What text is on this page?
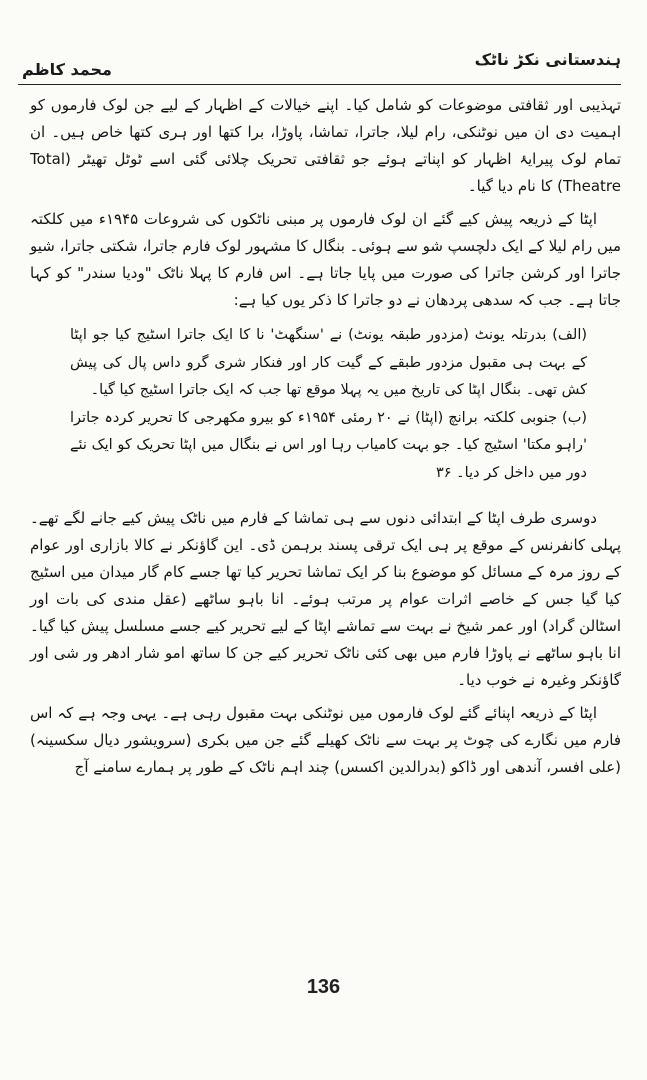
ہندستانی نکڑ ناٹک
محمد کاظم

تہذیبی اور ثقافتی موضوعات کو شامل کیا۔ اپنے خیالات کے اظہار کے لیے جن لوک فارموں کو اہمیت دی ان میں نوٹنکی، رام لیلا، جاترا، تماشا، پاوڑا، برا کتھا اور ہری کتھا خاص ہیں۔ ان تمام لوک پیرایۂ اظہار کو اپناتے ہوئے جو ثقافتی تحریک چلائی گئی اسے ٹوٹل تھیٹر (Total Theatre) کا نام دیا گیا۔

اپٹا کے ذریعہ پیش کیے گئے ان لوک فارموں پر مبنی ناٹکوں کی شروعات ۱۹۴۵ء میں کلکتہ میں رام لیلا کے ایک دلچسپ شو سے ہوئی۔ بنگال کا مشہور لوک فارم جاترا، شکتی جاترا، شیو جاترا اور کرشن جاترا کی صورت میں پایا جاتا ہے۔ اس فارم کا پہلا ناٹک "ودیا سندر" کو کہا جاتا ہے۔ جب کہ سدھی پردھان نے دو جاترا کا ذکر یوں کیا ہے:

(الف) بدرتلہ یونٹ (مزدور طبقہ یونٹ) نے 'سنگھٹ' نا کا ایک جاترا اسٹیج کیا جو اپٹا کے بہت ہی مقبول مزدور طبقے کے گیت کار اور فنکار شری گرو داس پال کی پیش کش تھی۔ بنگال اپٹا کی تاریخ میں یہ پہلا موقع تھا جب کہ ایک جاترا اسٹیج کیا گیا۔

(ب) جنوبی کلکتہ برانچ (اپٹا) نے ۲۰ رمئی ۱۹۵۴ء کو بیرو مکھرجی کا تحریر کردہ جاترا 'راہو مکتا' اسٹیج کیا۔ جو بہت کامیاب رہا اور اس نے بنگال میں اپٹا تحریک کو ایک نئے دور میں داخل کر دیا۔ ۳۶

دوسری طرف اپٹا کے ابتدائی دنوں سے ہی تماشا کے فارم میں ناٹک پیش کیے جانے لگے تھے۔ پہلی کانفرنس کے موقع پر ہی ایک ترقی پسند برہمن ڈی۔ این گاؤنکر نے کالا بازاری اور عوام کے روز مرہ کے مسائل کو موضوع بنا کر ایک تماشا تحریر کیا تھا جسے کام گار میدان میں اسٹیج کیا گیا جس کے خاصے اثرات عوام پر مرتب ہوئے۔ انا باہو ساٹھے (عقل مندی کی بات اور اسٹالن گراد) اور عمر شیخ نے بہت سے تماشے اپٹا کے لیے تحریر کیے جسے مسلسل پیش کیا گیا۔ انا باہو ساٹھے نے پاوڑا فارم میں بھی کئی ناٹک تحریر کیے جن کا ساتھ امو شار ادھر ور شی اور گاؤنکر وغیرہ نے خوب دیا۔

اپٹا کے ذریعہ اپنائے گئے لوک فارموں میں نوٹنکی بہت مقبول رہی ہے۔ یہی وجہ ہے کہ اس فارم میں نگارے کی چوٹ پر بہت سے ناٹک کھیلے گئے جن میں بکری (سرویشور دیال سکسینہ) (علی افسر، آندھی اور ڈاکو (بدرالدین اکسس) چند اہم ناٹک کے طور پر ہمارے سامنے آج

136
